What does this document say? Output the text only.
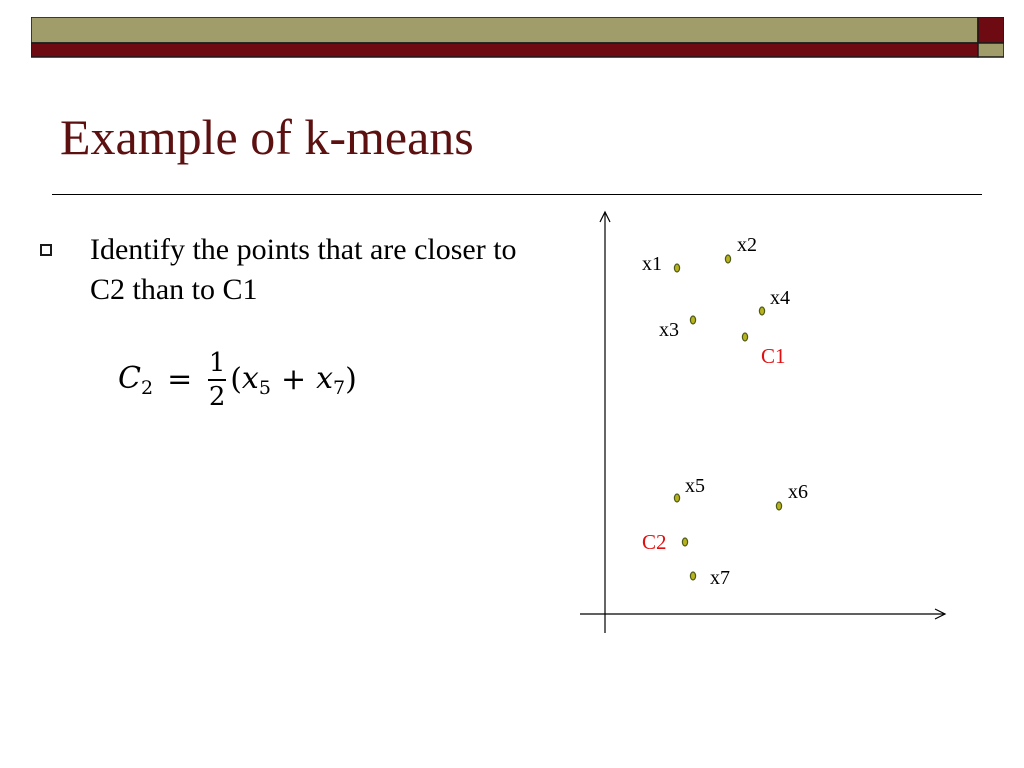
Example of k-means
Identify the points that are closer to C2 than to C1
$C_2 = \frac{1}{2}$ ( $x_5 + x_7$ )
x1
x2
x3
x4
C1
x5	x6
C2
x7
